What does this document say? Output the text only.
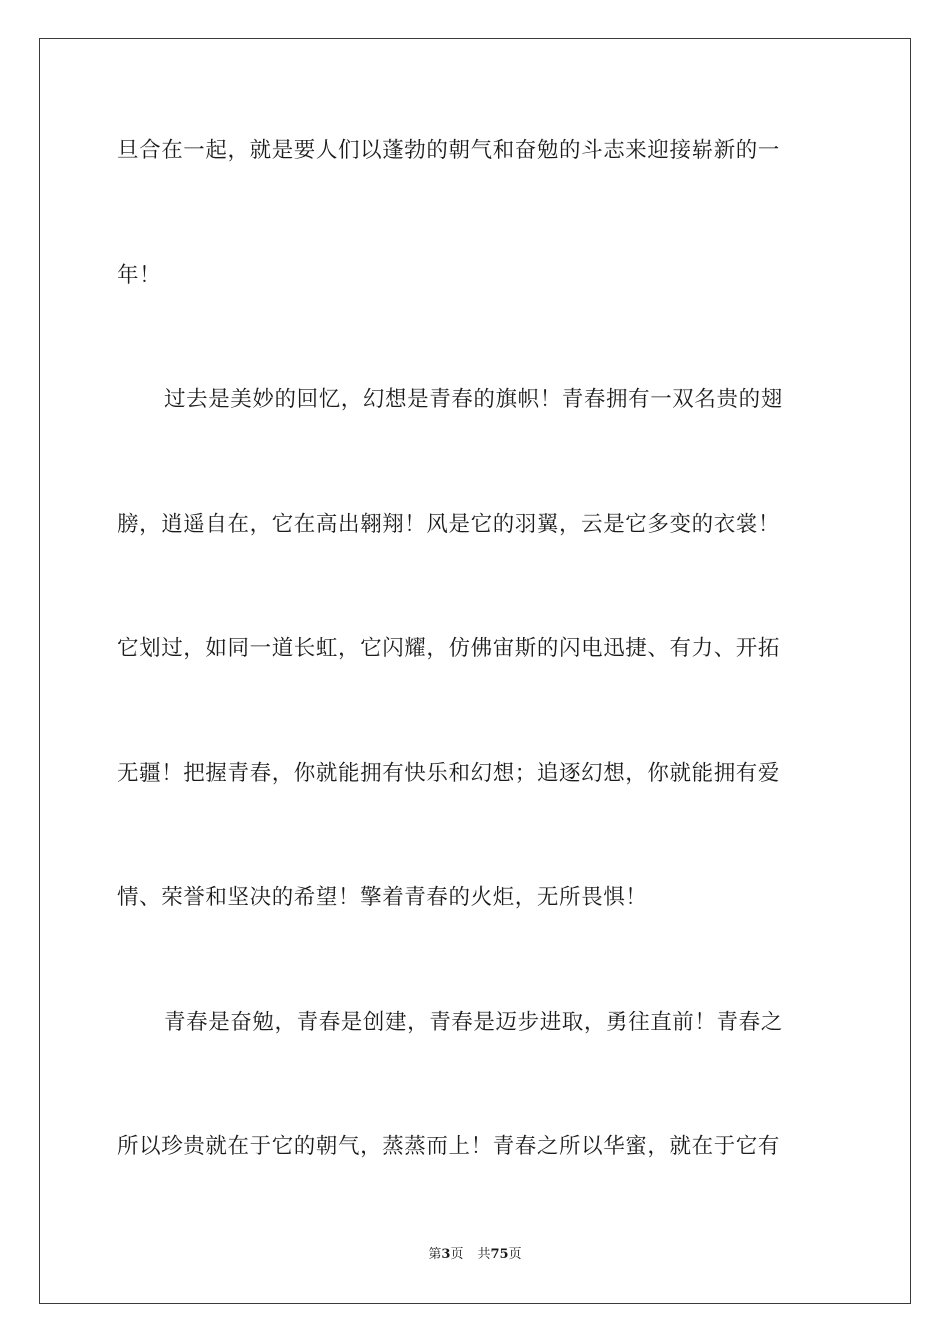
旦合在一起，就是要人们以蓬勃的朝气和奋勉的斗志来迎接崭新的一
年！
过去是美妙的回忆，幻想是青春的旗帜！青春拥有一双名贵的翅
膀，逍遥自在，它在高出翱翔！风是它的羽翼，云是它多变的衣裳！
它划过，如同一道长虹，它闪耀，仿佛宙斯的闪电迅捷、有力、开拓
无疆！把握青春，你就能拥有快乐和幻想；追逐幻想，你就能拥有爱
情、荣誉和坚决的希望！擎着青春的火炬，无所畏惧！
青春是奋勉，青春是创建，青春是迈步进取，勇往直前！青春之
所以珍贵就在于它的朝气，蒸蒸而上！青春之所以华蜜，就在于它有
第3页 共75页
